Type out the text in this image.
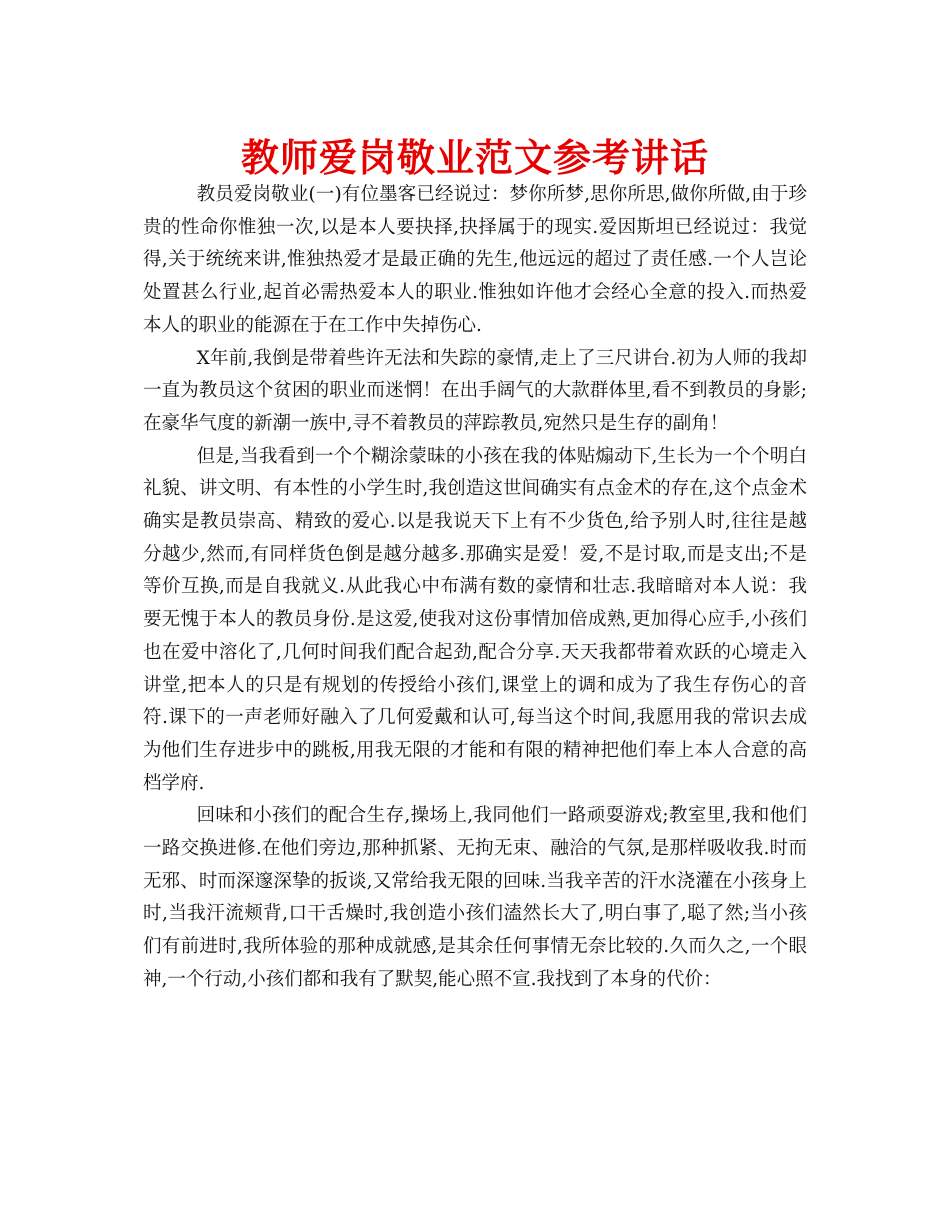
教师爱岗敬业范文参考讲话

教员爱岗敬业(一)有位墨客已经说过：梦你所梦,思你所思,做你所做,由于珍贵的性命你惟独一次,以是本人要抉择,抉择属于的现实.爱因斯坦已经说过：我觉得,关于统统来讲,惟独热爱才是最正确的先生,他远远的超过了责任感.一个人岂论处置甚么行业,起首必需热爱本人的职业.惟独如许他才会经心全意的投入.而热爱本人的职业的能源在于在工作中失掉伤心.

X年前,我倒是带着些许无法和失踪的豪情,走上了三尺讲台.初为人师的我却一直为教员这个贫困的职业而迷惘！在出手阔气的大款群体里,看不到教员的身影;在豪华气度的新潮一族中,寻不着教员的萍踪教员,宛然只是生存的副角！

但是,当我看到一个个糊涂蒙昧的小孩在我的体贴煽动下,生长为一个个明白礼貌、讲文明、有本性的小学生时,我创造这世间确实有点金术的存在,这个点金术确实是教员崇高、精致的爱心.以是我说天下上有不少货色,给予别人时,往往是越分越少,然而,有同样货色倒是越分越多.那确实是爱！爱,不是讨取,而是支出;不是等价互换,而是自我就义.从此我心中布满有数的豪情和壮志.我暗暗对本人说：我要无愧于本人的教员身份.是这爱,使我对这份事情加倍成熟,更加得心应手,小孩们也在爱中溶化了,几何时间我们配合起劲,配合分享.天天我都带着欢跃的心境走入讲堂,把本人的只是有规划的传授给小孩们,课堂上的调和成为了我生存伤心的音符.课下的一声老师好融入了几何爱戴和认可,每当这个时间,我愿用我的常识去成为他们生存进步中的跳板,用我无限的才能和有限的精神把他们奉上本人合意的高档学府.

回味和小孩们的配合生存,操场上,我同他们一路顽耍游戏;教室里,我和他们一路交换进修.在他们旁边,那种抓紧、无拘无束、融洽的气氛,是那样吸收我.时而无邪、时而深邃深挚的扳谈,又常给我无限的回味.当我辛苦的汗水浇灌在小孩身上时,当我汗流颊背,口干舌燥时,我创造小孩们溘然长大了,明白事了,聪了然;当小孩们有前进时,我所体验的那种成就感,是其余任何事情无奈比较的.久而久之,一个眼神,一个行动,小孩们都和我有了默契,能心照不宣.我找到了本身的代价：
